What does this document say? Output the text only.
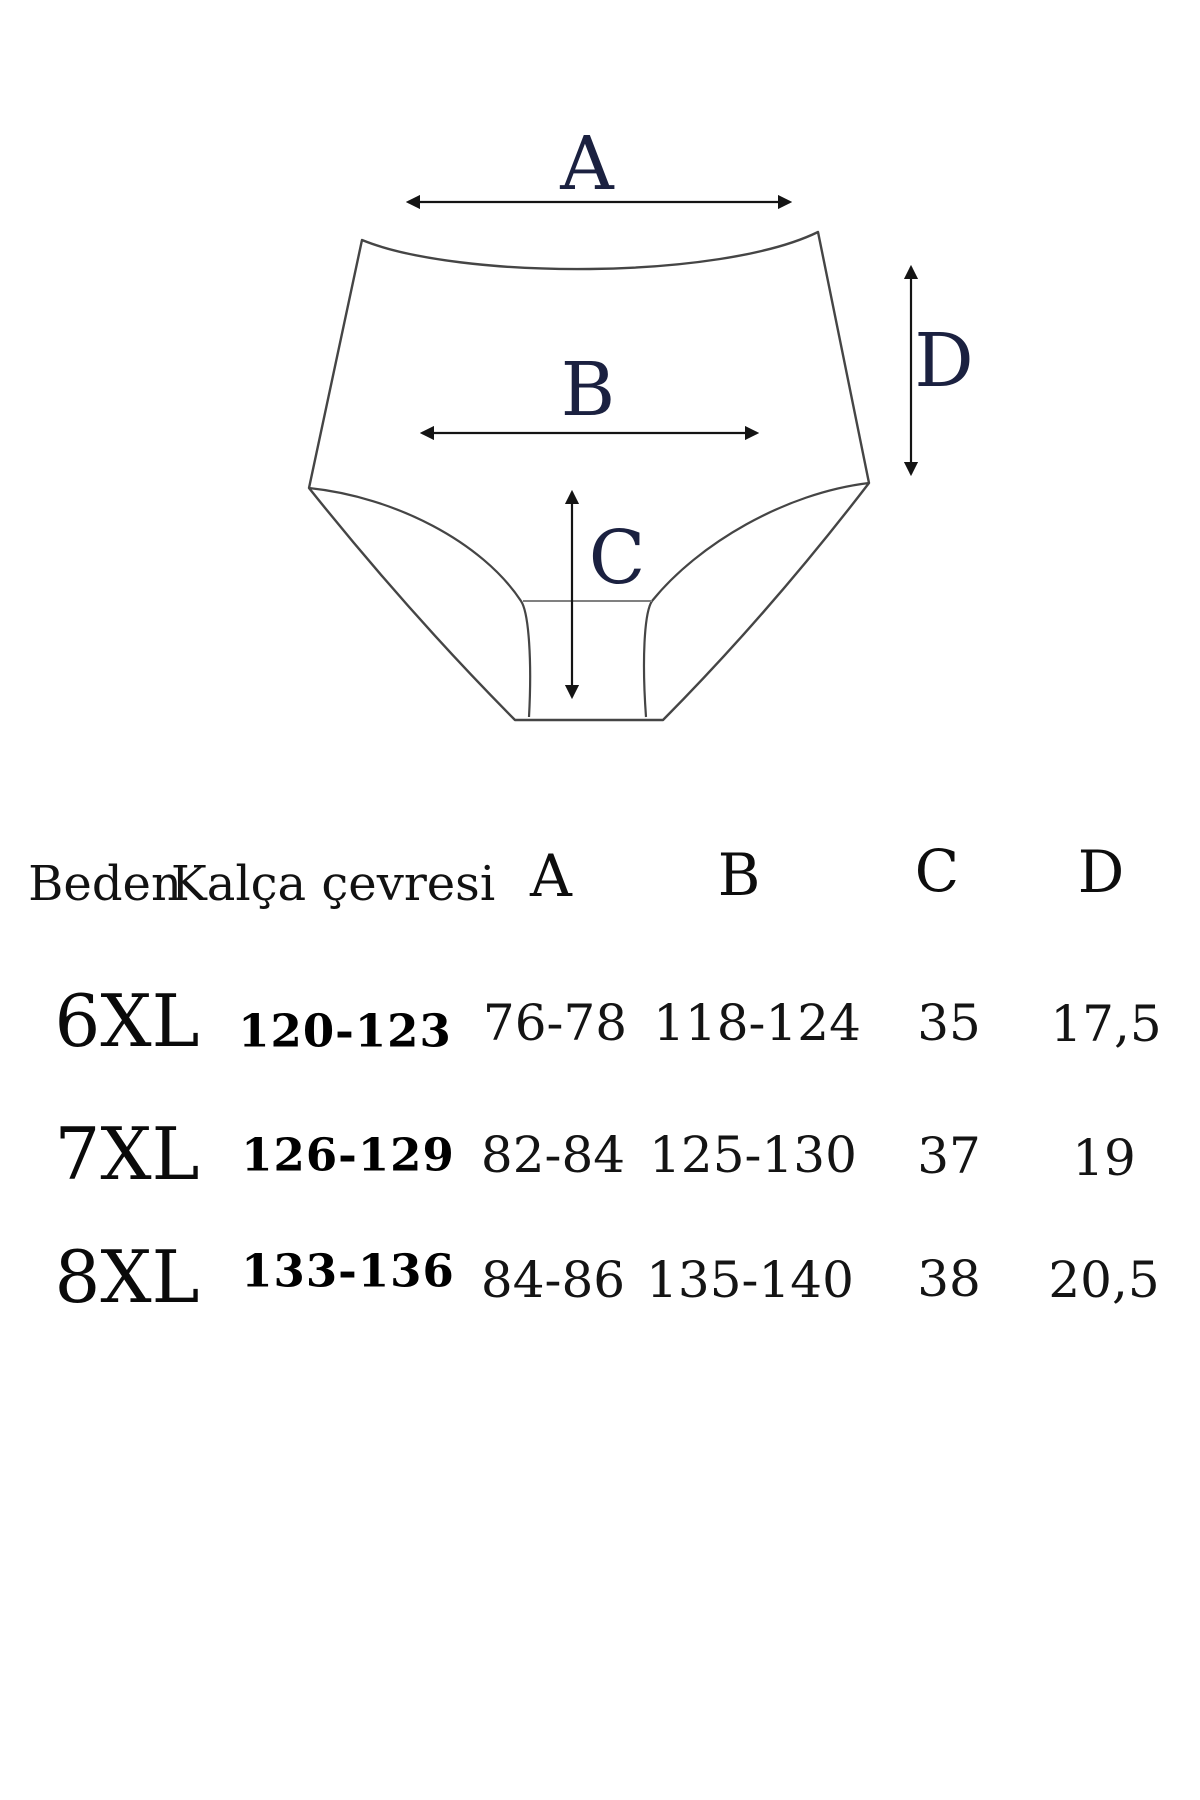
A
B
C
D
Beden
Kalça çevresi A	B	C D
6XL 120-123 76-78 118-124 35 17,5
7XL 126-129 82-84 125-130 37 19
8XL 133-136 84-86 135-140 38 20,5
